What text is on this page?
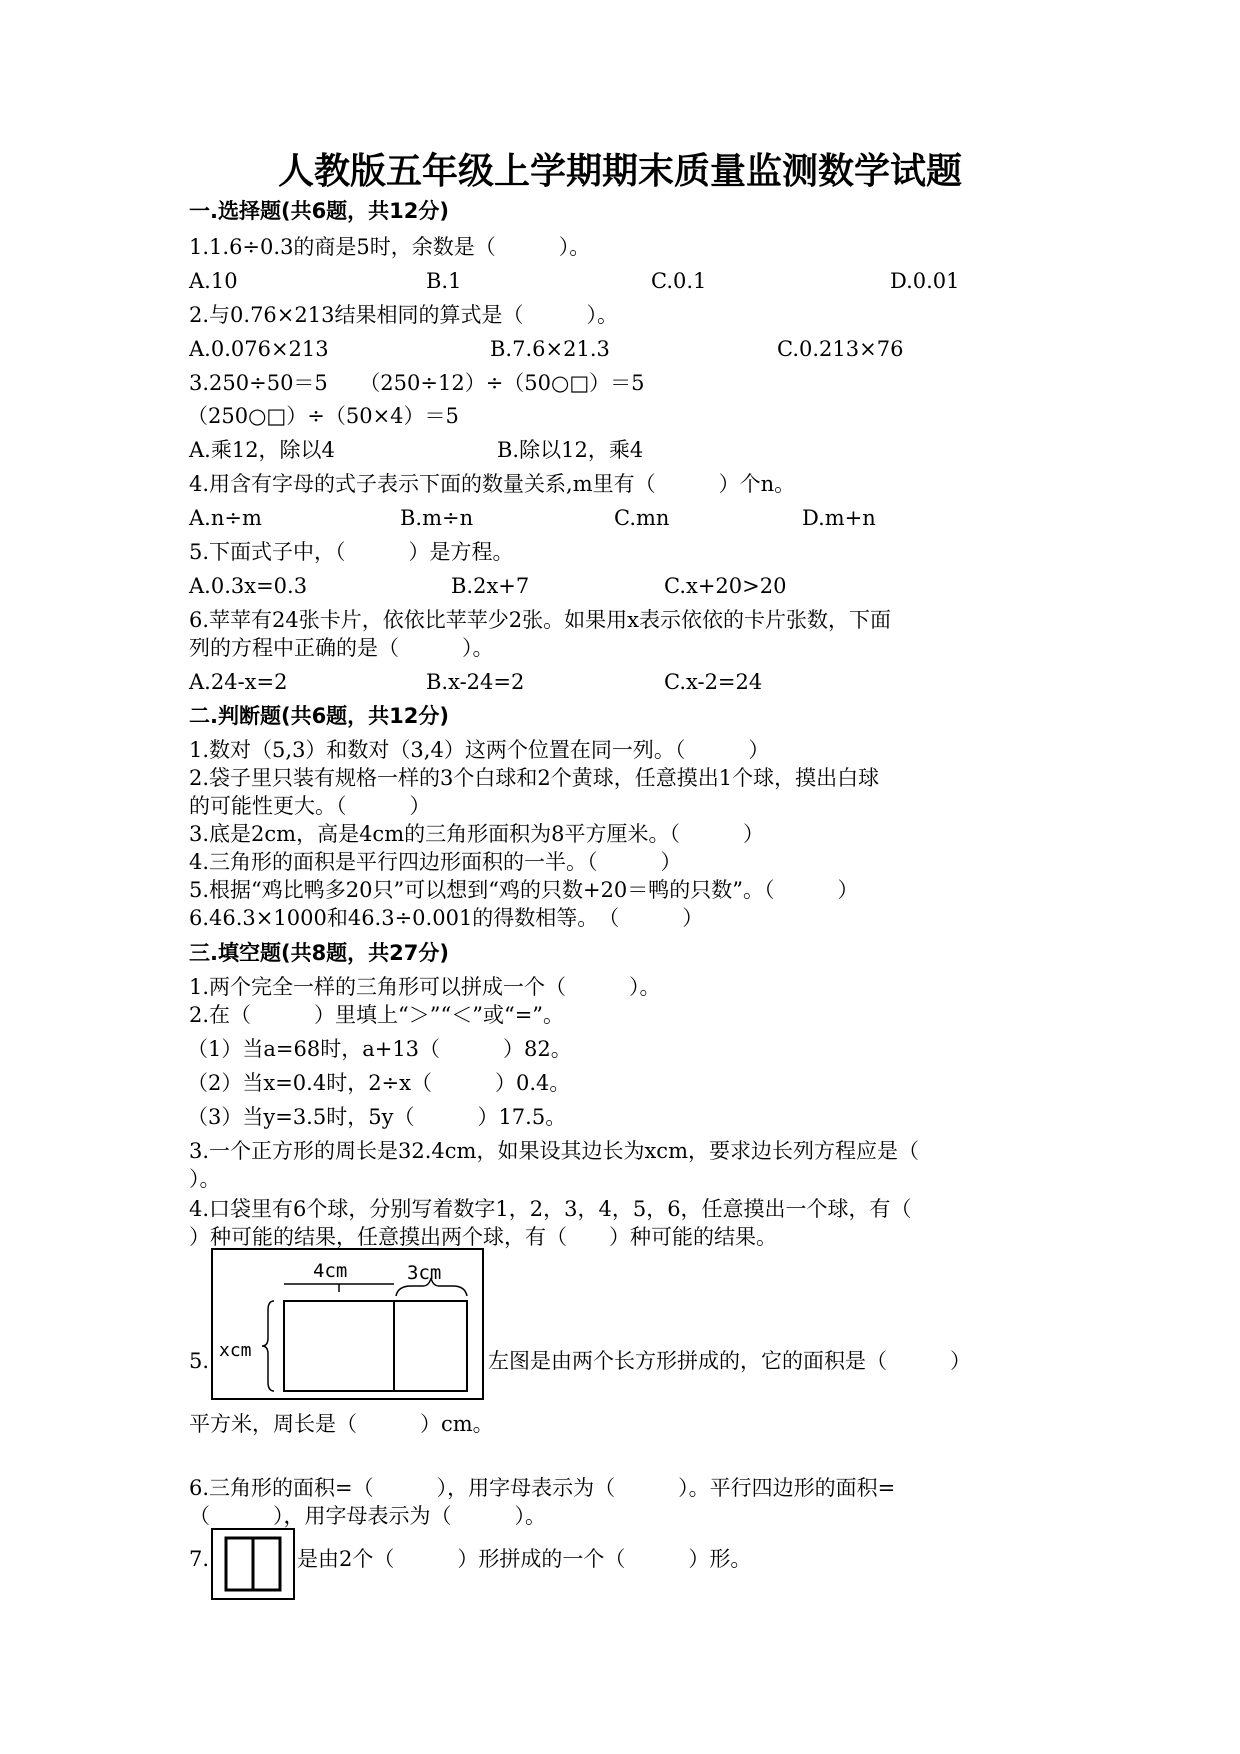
人教版五年级上学期期末质量监测数学试题
一.选择题(共6题，共12分)
1.1.6÷0.3的商是5时，余数是（　　　）。
A.10	B.1	C.0.1	D.0.01
2.与0.76×213结果相同的算式是（　　　）。
A.0.076×213	B.7.6×21.3	C.0.213×76
3.250÷50＝5　　（250÷12）÷（50○□）＝5
（250○□）÷（50×4）＝5
A.乘12，除以4	B.除以12，乘4
4.用含有字母的式子表示下面的数量关系,m里有（　　　）个n。
A.n÷m	B.m÷n	C.mn	D.m+n
5.下面式子中，（　　　）是方程。
A.0.3x=0.3	B.2x+7	C.x+20>20
6.苹苹有24张卡片，依依比苹苹少2张。如果用x表示依依的卡片张数，下面
列的方程中正确的是（　　　）。
A.24-x=2	B.x-24=2	C.x-2=24
二.判断题(共6题，共12分)
1.数对（5,3）和数对（3,4）这两个位置在同一列。（　　　）
2.袋子里只装有规格一样的3个白球和2个黄球，任意摸出1个球，摸出白球
的可能性更大。（　　　）
3.底是2cm，高是4cm的三角形面积为8平方厘米。（　　　）
4.三角形的面积是平行四边形面积的一半。（　　　）
5.根据“鸡比鸭多20只”可以想到“鸡的只数+20＝鸭的只数”。（　　　）
6.46.3×1000和46.3÷0.001的得数相等。　（　　　）
三.填空题(共8题，共27分)
1.两个完全一样的三角形可以拼成一个（　　　）。
2.在（　　　）里填上“＞”“＜”或“=”。
（1）当a=68时，a+13（　　　）82。
（2）当x=0.4时，2÷x（　　　）0.4。
（3）当y=3.5时，5y（　　　）17.5。
3.一个正方形的周长是32.4cm，如果设其边长为xcm，要求边长列方程应是（
）。
4.口袋里有6个球，分别写着数字1，2，3，4，5，6，任意摸出一个球，有（
）种可能的结果，任意摸出两个球，有（　　）种可能的结果。
5.
4cm	3cm
xcm	左图是由两个长方形拼成的，它的面积是（　　　）
平方米，周长是（　　　）cm。
6.三角形的面积=（　　　），用字母表示为（　　　）。平行四边形的面积=
（　　　），用字母表示为（　　　）。
7.	是由2个（　　　）形拼成的一个（　　　）形。
